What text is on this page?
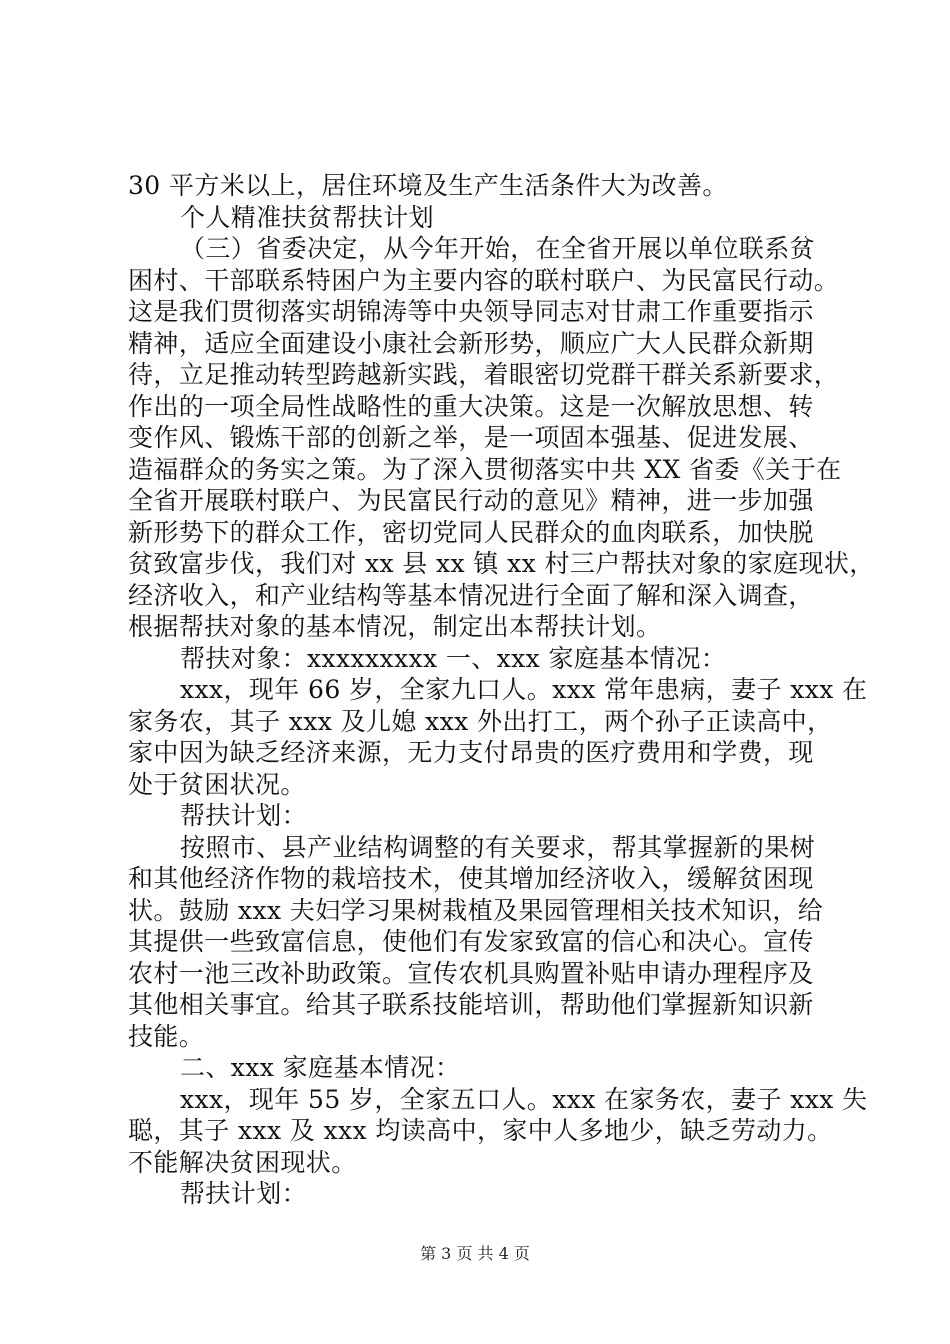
30 平方米以上，居住环境及生产生活条件大为改善。
个人精准扶贫帮扶计划
（三）省委决定，从今年开始，在全省开展以单位联系贫
困村、干部联系特困户为主要内容的联村联户、为民富民行动。
这是我们贯彻落实胡锦涛等中央领导同志对甘肃工作重要指示
精神，适应全面建设小康社会新形势，顺应广大人民群众新期
待，立足推动转型跨越新实践，着眼密切党群干群关系新要求，
作出的一项全局性战略性的重大决策。这是一次解放思想、转
变作风、锻炼干部的创新之举，是一项固本强基、促进发展、
造福群众的务实之策。为了深入贯彻落实中共 XX 省委《关于在
全省开展联村联户、为民富民行动的意见》精神，进一步加强
新形势下的群众工作，密切党同人民群众的血肉联系，加快脱
贫致富步伐，我们对 xx 县 xx 镇 xx 村三户帮扶对象的家庭现状，
经济收入，和产业结构等基本情况进行全面了解和深入调查，
根据帮扶对象的基本情况，制定出本帮扶计划。
帮扶对象：xxxxxxxxx 一、xxx 家庭基本情况：
xxx，现年 66 岁，全家九口人。xxx 常年患病，妻子 xxx 在
家务农，其子 xxx 及儿媳 xxx 外出打工，两个孙子正读高中，
家中因为缺乏经济来源，无力支付昂贵的医疗费用和学费，现
处于贫困状况。
帮扶计划：
按照市、县产业结构调整的有关要求，帮其掌握新的果树
和其他经济作物的栽培技术，使其增加经济收入，缓解贫困现
状。鼓励 xxx 夫妇学习果树栽植及果园管理相关技术知识，给
其提供一些致富信息，使他们有发家致富的信心和决心。宣传
农村一池三改补助政策。宣传农机具购置补贴申请办理程序及
其他相关事宜。给其子联系技能培训，帮助他们掌握新知识新
技能。
二、xxx 家庭基本情况：
xxx，现年 55 岁，全家五口人。xxx 在家务农，妻子 xxx 失
聪，其子 xxx 及 xxx 均读高中，家中人多地少，缺乏劳动力。
不能解决贫困现状。
帮扶计划：
第 3 页 共 4 页
